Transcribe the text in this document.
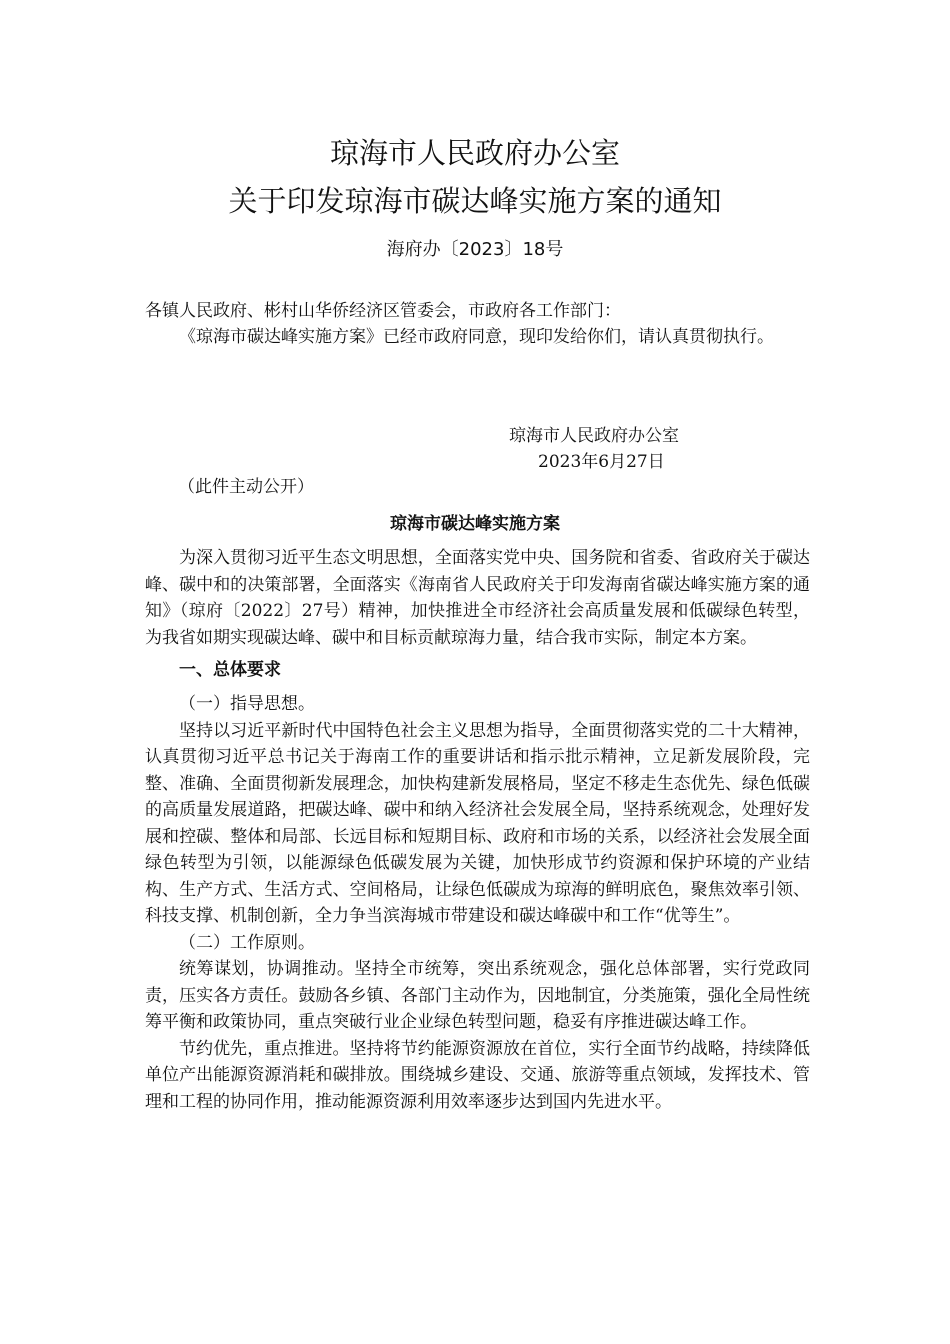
琼海市人民政府办公室
关于印发琼海市碳达峰实施方案的通知
海府办〔2023〕18号

各镇人民政府、彬村山华侨经济区管委会，市政府各工作部门：

《琼海市碳达峰实施方案》已经市政府同意，现印发给你们，请认真贯彻执行。

琼海市人民政府办公室
2023年6月27日
（此件主动公开）
琼海市碳达峰实施方案

为深入贯彻习近平生态文明思想，全面落实党中央、国务院和省委、省政府关于碳达峰、碳中和的决策部署，全面落实《海南省人民政府关于印发海南省碳达峰实施方案的通知》（琼府〔2022〕27号）精神，加快推进全市经济社会高质量发展和低碳绿色转型，为我省如期实现碳达峰、碳中和目标贡献琼海力量，结合我市实际，制定本方案。

一、总体要求

（一）指导思想。

坚持以习近平新时代中国特色社会主义思想为指导，全面贯彻落实党的二十大精神，认真贯彻习近平总书记关于海南工作的重要讲话和指示批示精神，立足新发展阶段，完整、准确、全面贯彻新发展理念，加快构建新发展格局，坚定不移走生态优先、绿色低碳的高质量发展道路，把碳达峰、碳中和纳入经济社会发展全局，坚持系统观念，处理好发展和控碳、整体和局部、长远目标和短期目标、政府和市场的关系，以经济社会发展全面绿色转型为引领，以能源绿色低碳发展为关键，加快形成节约资源和保护环境的产业结构、生产方式、生活方式、空间格局，让绿色低碳成为琼海的鲜明底色，聚焦效率引领、科技支撑、机制创新，全力争当滨海城市带建设和碳达峰碳中和工作“优等生”。

（二）工作原则。

统筹谋划，协调推动。坚持全市统筹，突出系统观念，强化总体部署，实行党政同责，压实各方责任。鼓励各乡镇、各部门主动作为，因地制宜，分类施策，强化全局性统筹平衡和政策协同，重点突破行业企业绿色转型问题，稳妥有序推进碳达峰工作。

节约优先，重点推进。坚持将节约能源资源放在首位，实行全面节约战略，持续降低单位产出能源资源消耗和碳排放。围绕城乡建设、交通、旅游等重点领域，发挥技术、管理和工程的协同作用，推动能源资源利用效率逐步达到国内先进水平。
